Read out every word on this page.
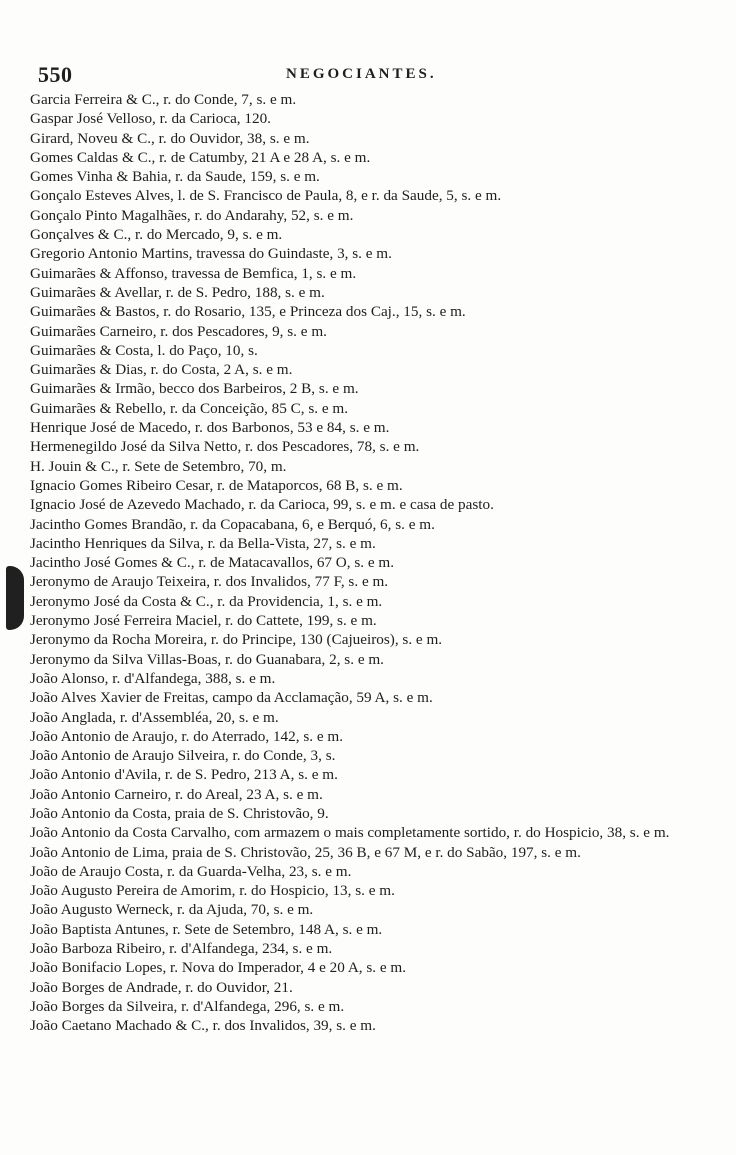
550	NEGOCIANTES.
Garcia Ferreira & C., r. do Conde, 7, s. e m.
Gaspar José Velloso, r. da Carioca, 120.
Girard, Noveu & C., r. do Ouvidor, 38, s. e m.
Gomes Caldas & C., r. de Catumby, 21 A e 28 A, s. e m.
Gomes Vinha & Bahia, r. da Saude, 159, s. e m.
Gonçalo Esteves Alves, l. de S. Francisco de Paula, 8, e r. da Saude, 5, s. e m.
Gonçalo Pinto Magalhães, r. do Andarahy, 52, s. e m.
Gonçalves & C., r. do Mercado, 9, s. e m.
Gregorio Antonio Martins, travessa do Guindaste, 3, s. e m.
Guimarães & Affonso, travessa de Bemfica, 1, s. e m.
Guimarães & Avellar, r. de S. Pedro, 188, s. e m.
Guimarães & Bastos, r. do Rosario, 135, e Princeza dos Caj., 15, s. e m.
Guimarães Carneiro, r. dos Pescadores, 9, s. e m.
Guimarães & Costa, l. do Paço, 10, s.
Guimarães & Dias, r. do Costa, 2 A, s. e m.
Guimarães & Irmão, becco dos Barbeiros, 2 B, s. e m.
Guimarães & Rebello, r. da Conceição, 85 C, s. e m.
Henrique José de Macedo, r. dos Barbonos, 53 e 84, s. e m.
Hermenegildo José da Silva Netto, r. dos Pescadores, 78, s. e m.
H. Jouin & C., r. Sete de Setembro, 70, m.
Ignacio Gomes Ribeiro Cesar, r. de Mataporcos, 68 B, s. e m.
Ignacio José de Azevedo Machado, r. da Carioca, 99, s. e m. e casa de pasto.
Jacintho Gomes Brandão, r. da Copacabana, 6, e Berquó, 6, s. e m.
Jacintho Henriques da Silva, r. da Bella-Vista, 27, s. e m.
Jacintho José Gomes & C., r. de Matacavallos, 67 O, s. e m.
Jeronymo de Araujo Teixeira, r. dos Invalidos, 77 F, s. e m.
Jeronymo José da Costa & C., r. da Providencia, 1, s. e m.
Jeronymo José Ferreira Maciel, r. do Cattete, 199, s. e m.
Jeronymo da Rocha Moreira, r. do Principe, 130 (Cajueiros), s. e m.
Jeronymo da Silva Villas-Boas, r. do Guanabara, 2, s. e m.
João Alonso, r. d'Alfandega, 388, s. e m.
João Alves Xavier de Freitas, campo da Acclamação, 59 A, s. e m.
João Anglada, r. d'Assembléa, 20, s. e m.
João Antonio de Araujo, r. do Aterrado, 142, s. e m.
João Antonio de Araujo Silveira, r. do Conde, 3, s.
João Antonio d'Avila, r. de S. Pedro, 213 A, s. e m.
João Antonio Carneiro, r. do Areal, 23 A, s. e m.
João Antonio da Costa, praia de S. Christovão, 9.
João Antonio da Costa Carvalho, com armazem o mais completamente sortido, r. do Hospicio, 38, s. e m.
João Antonio de Lima, praia de S. Christovão, 25, 36 B, e 67 M, e r. do Sabão, 197, s. e m.
João de Araujo Costa, r. da Guarda-Velha, 23, s. e m.
João Augusto Pereira de Amorim, r. do Hospicio, 13, s. e m.
João Augusto Werneck, r. da Ajuda, 70, s. e m.
João Baptista Antunes, r. Sete de Setembro, 148 A, s. e m.
João Barboza Ribeiro, r. d'Alfandega, 234, s. e m.
João Bonifacio Lopes, r. Nova do Imperador, 4 e 20 A, s. e m.
João Borges de Andrade, r. do Ouvidor, 21.
João Borges da Silveira, r. d'Alfandega, 296, s. e m.
João Caetano Machado & C., r. dos Invalidos, 39, s. e m.
